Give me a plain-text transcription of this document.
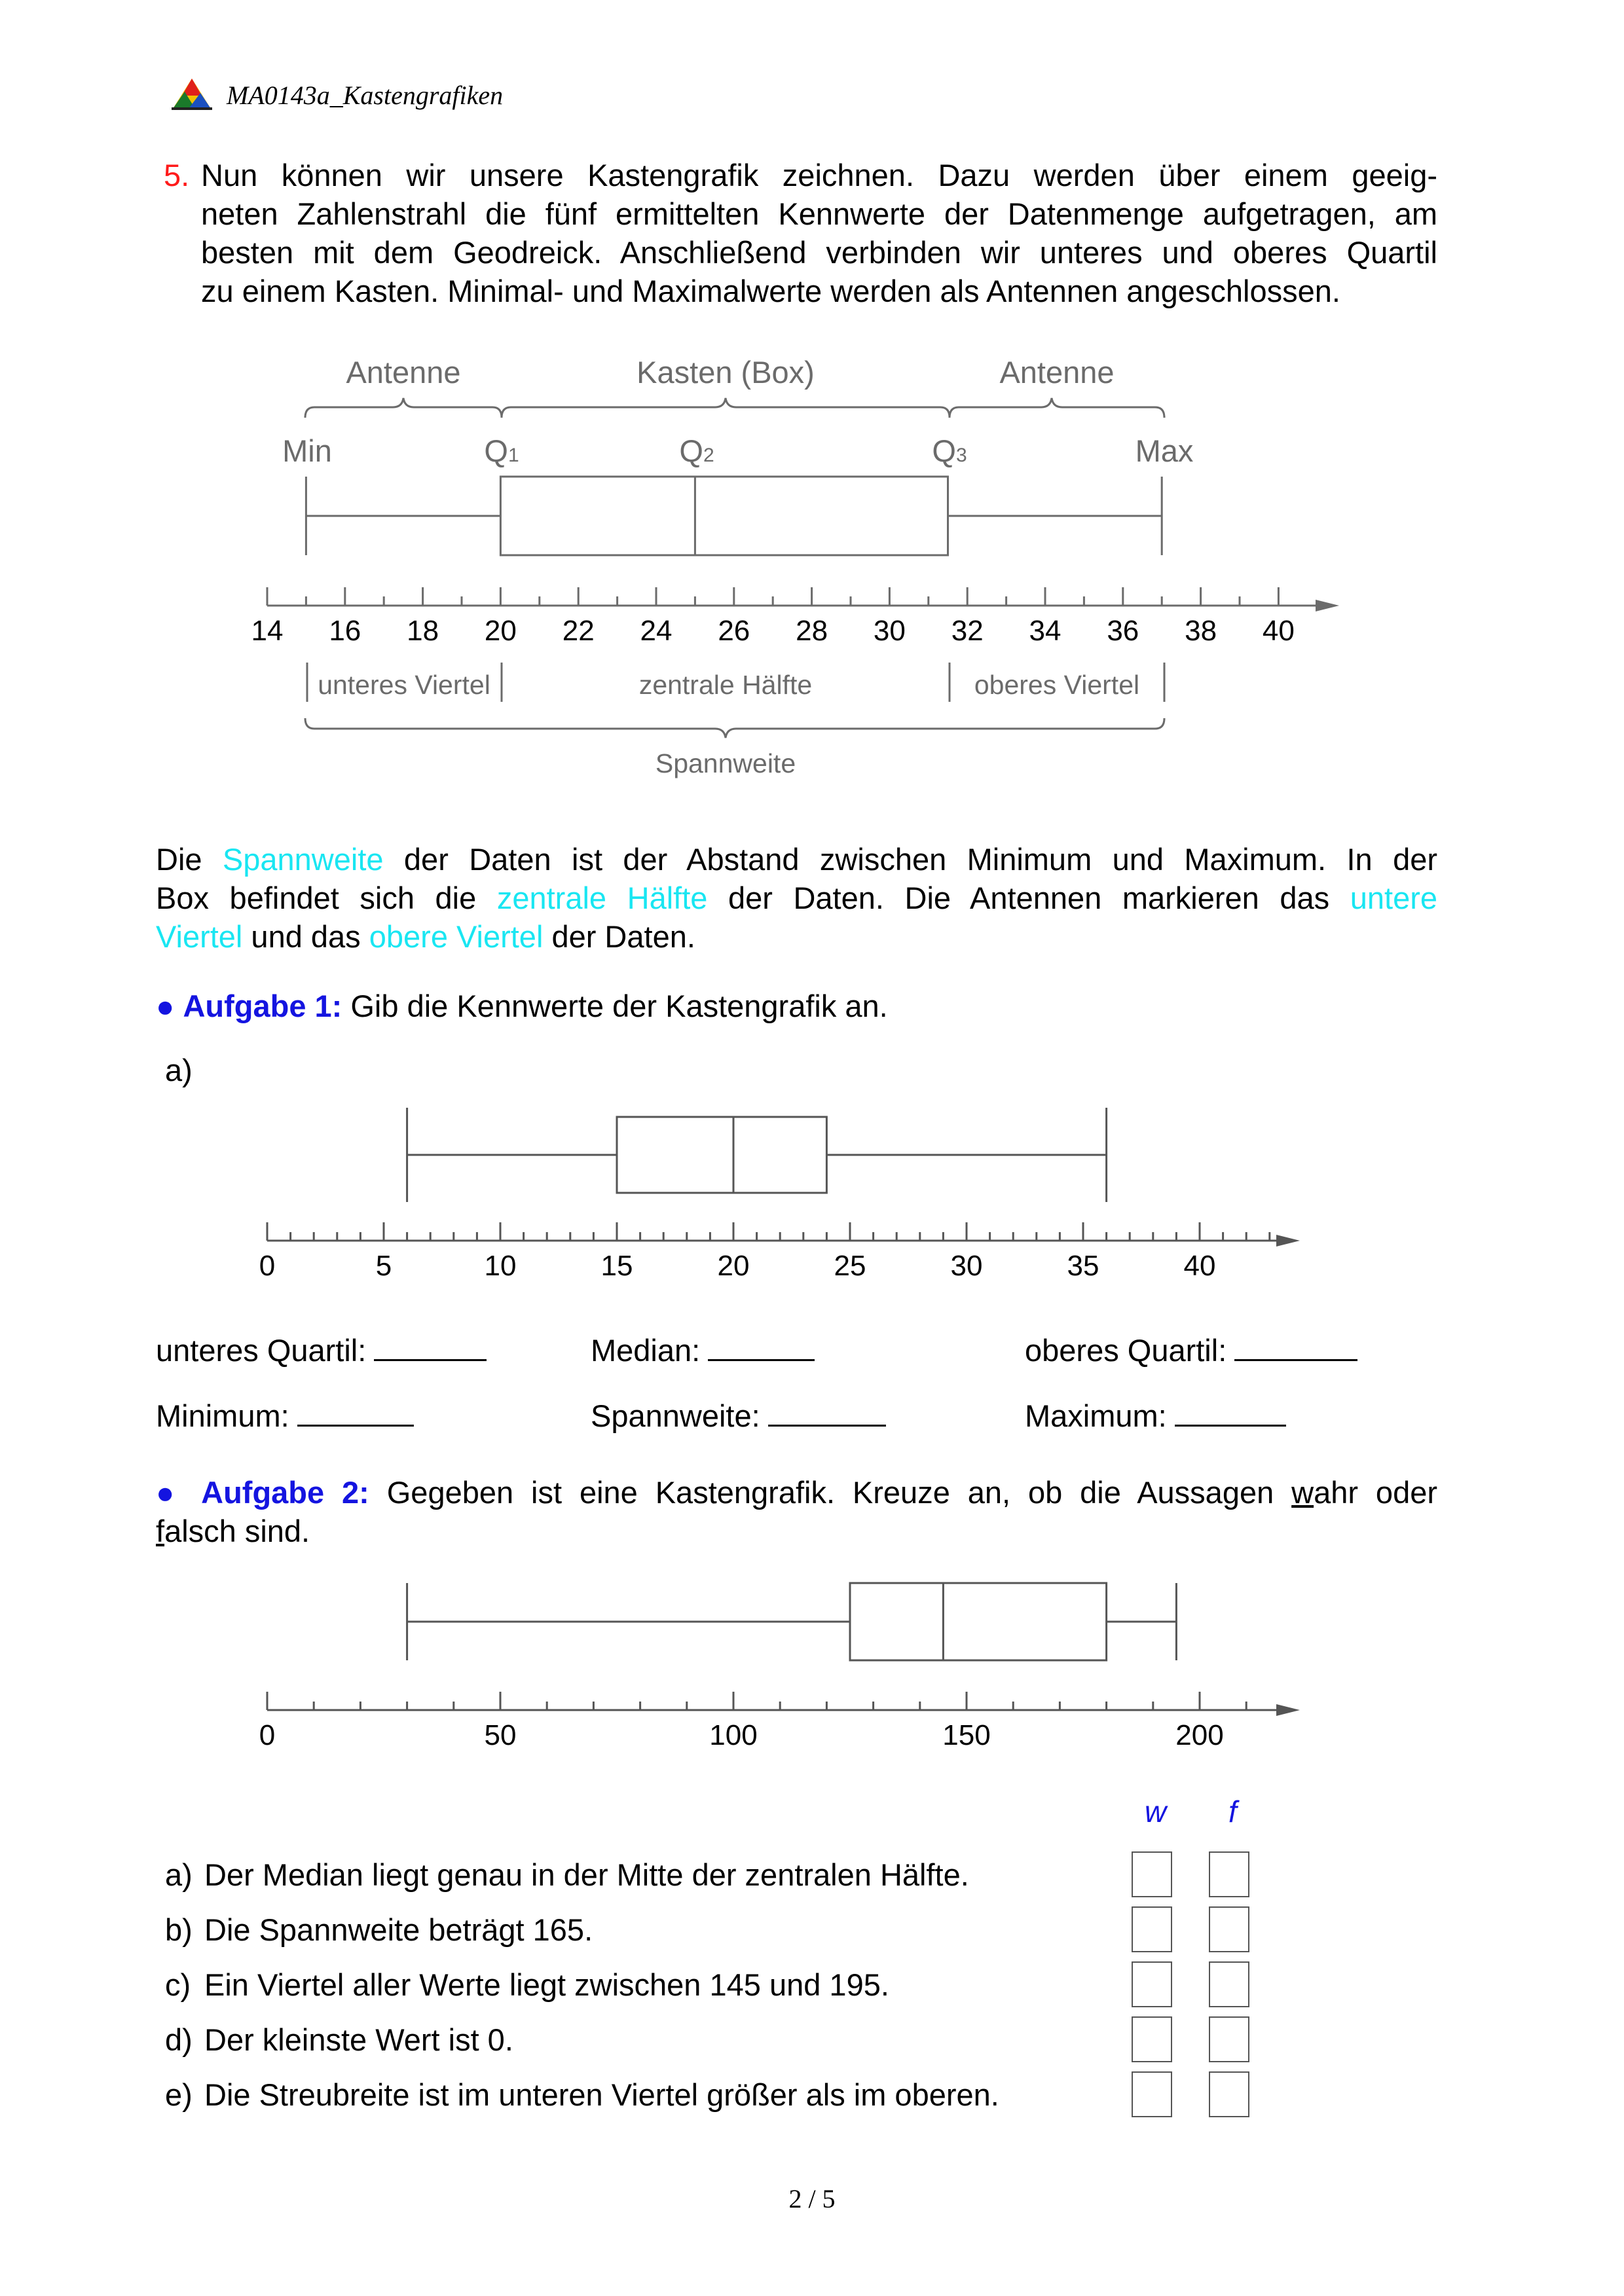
MA0143a_Kastengrafiken
5. Nun können wir unsere Kastengrafik zeichnen. Dazu werden über einem geeig-
neten Zahlenstrahl die fünf ermittelten Kennwerte der Datenmenge aufgetragen, am
besten mit dem Geodreick. Anschließend verbinden wir unteres und oberes Quartil
zu einem Kasten. Minimal- und Maximalwerte werden als Antennen angeschlossen.
14 16 18 20 22 24 26 28 30 32 34 36 38 40
Antenne	Kasten (Box)	Antenne
Min	Q1	Q2	Q3	Max
unteres Viertel	zentrale Hälfte	oberes Viertel
Spannweite
Die Spannweite der Daten ist der Abstand zwischen Minimum und Maximum. In der
Box befindet sich die zentrale Hälfte der Daten. Die Antennen markieren das untere
Viertel und das obere Viertel der Daten.
● Aufgabe 1: Gib die Kennwerte der Kastengrafik an.
a)
0	5	10	15	20	25	30	35	40
unteres Quartil:	Median:	oberes Quartil:
Minimum:	Spannweite:	Maximum:
● Aufgabe 2: Gegeben ist eine Kastengrafik. Kreuze an, ob die Aussagen wahr oder
falsch sind.
0	50	100	150	200
w f
a) Der Median liegt genau in der Mitte der zentralen Hälfte.
b) Die Spannweite beträgt 165.
c) Ein Viertel aller Werte liegt zwischen 145 und 195.
d) Der kleinste Wert ist 0.
e) Die Streubreite ist im unteren Viertel größer als im oberen.
2 / 5
